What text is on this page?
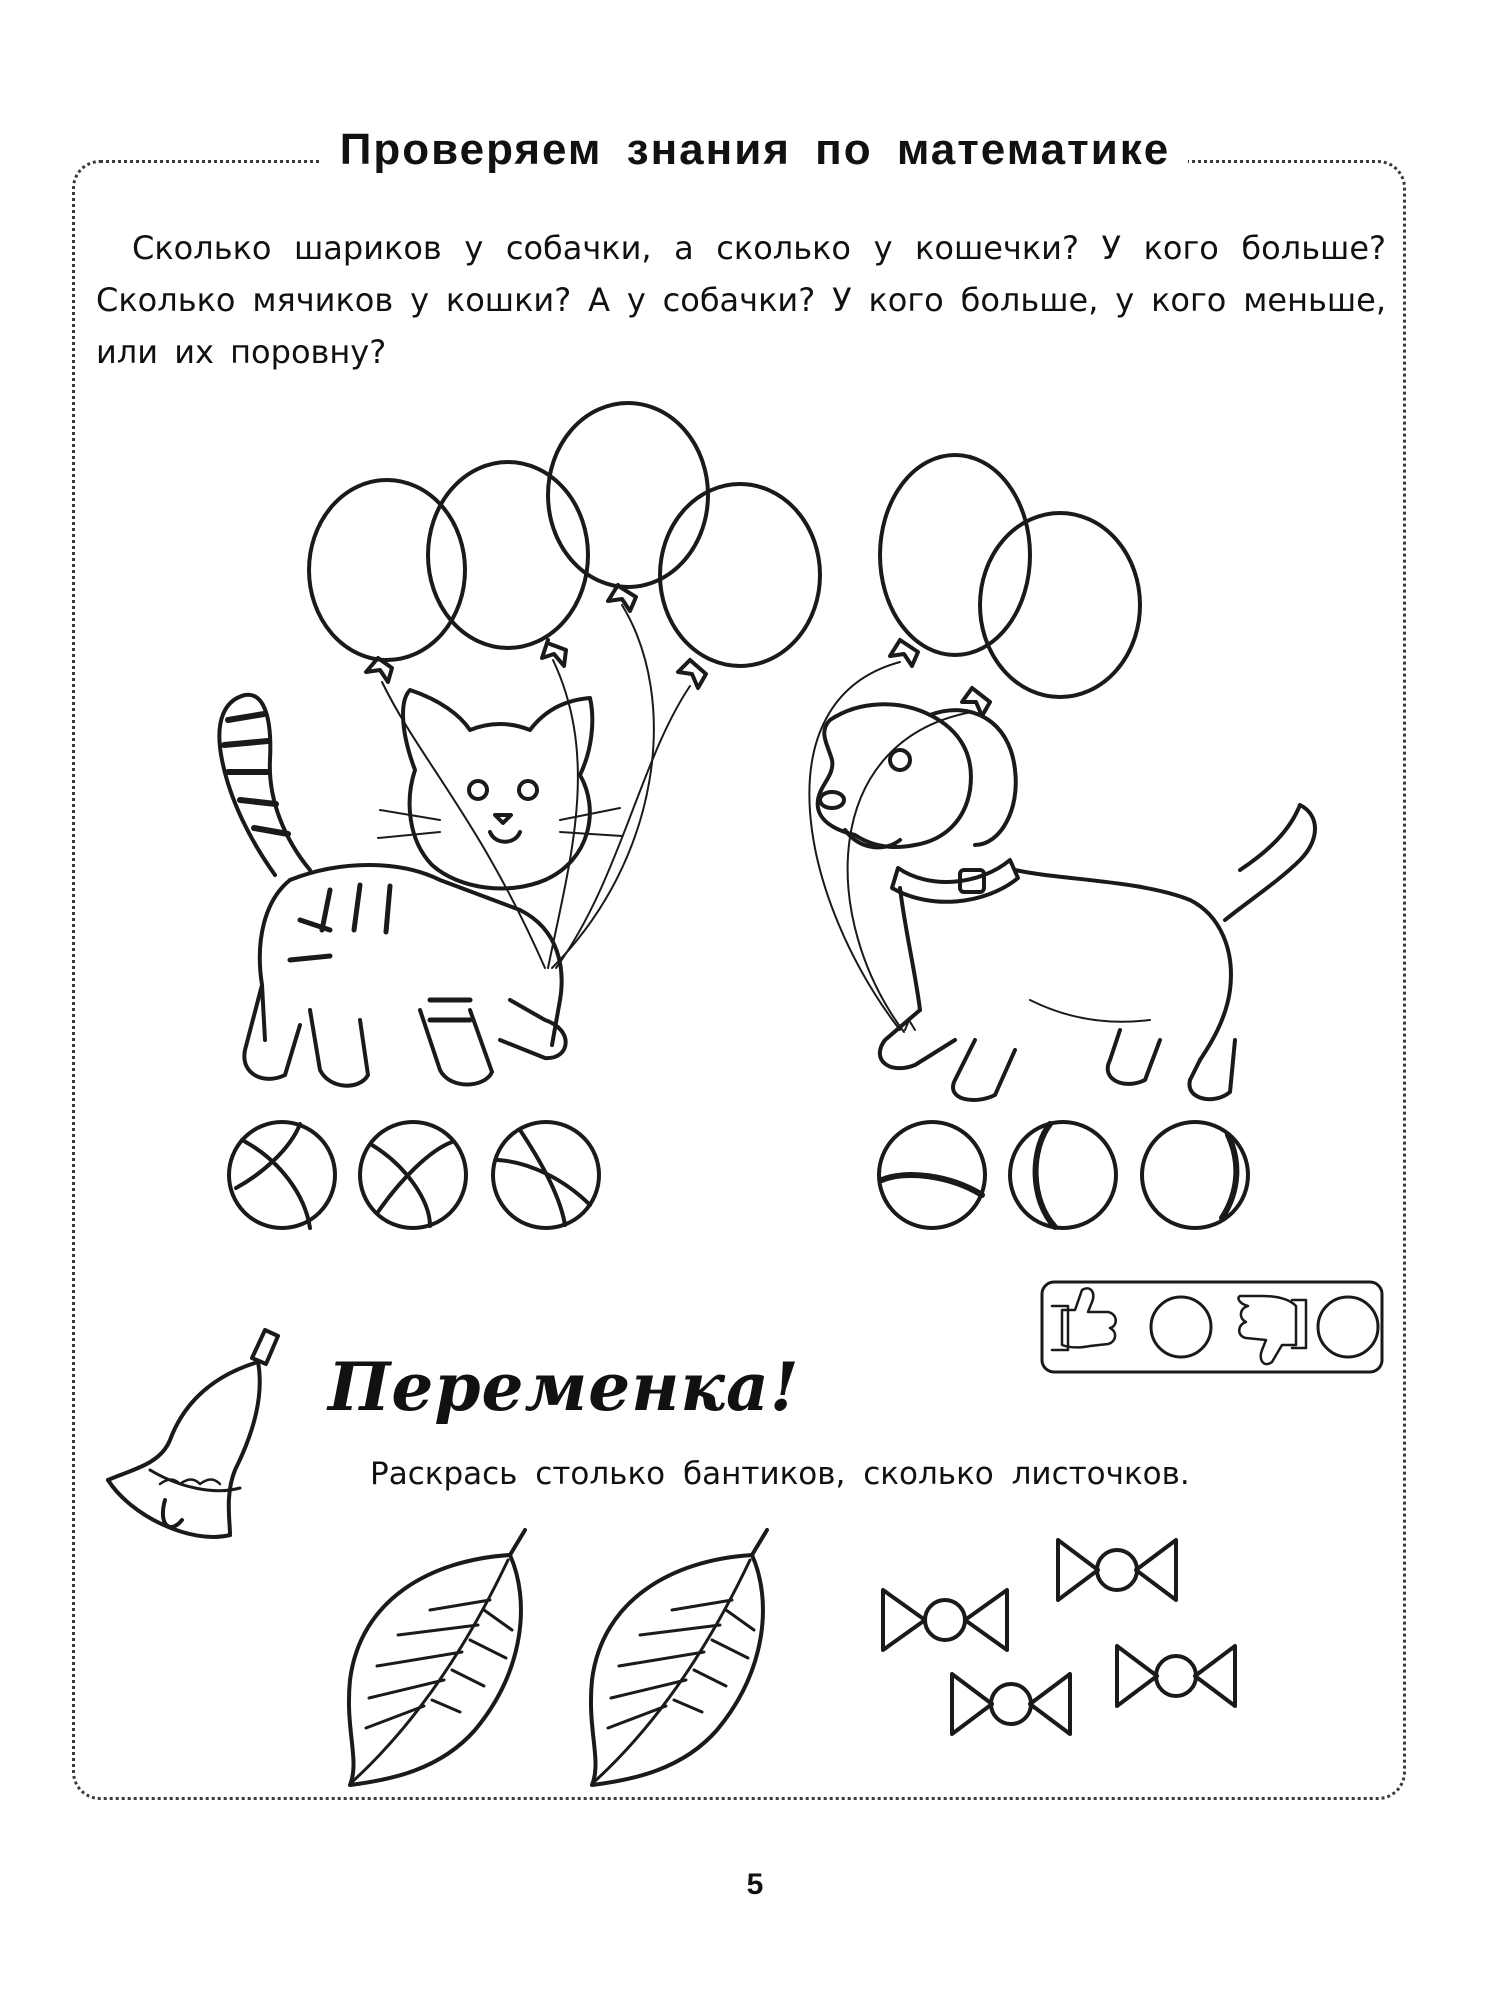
Проверяем знания по математике

Сколько шариков у собачки, а сколько у кошечки? У кого больше? Сколько мячиков у кошки? А у собачки? У кого больше, у кого меньше, или их поровну?

Переменка!
Раскрась столько бантиков, сколько листочков.
5
